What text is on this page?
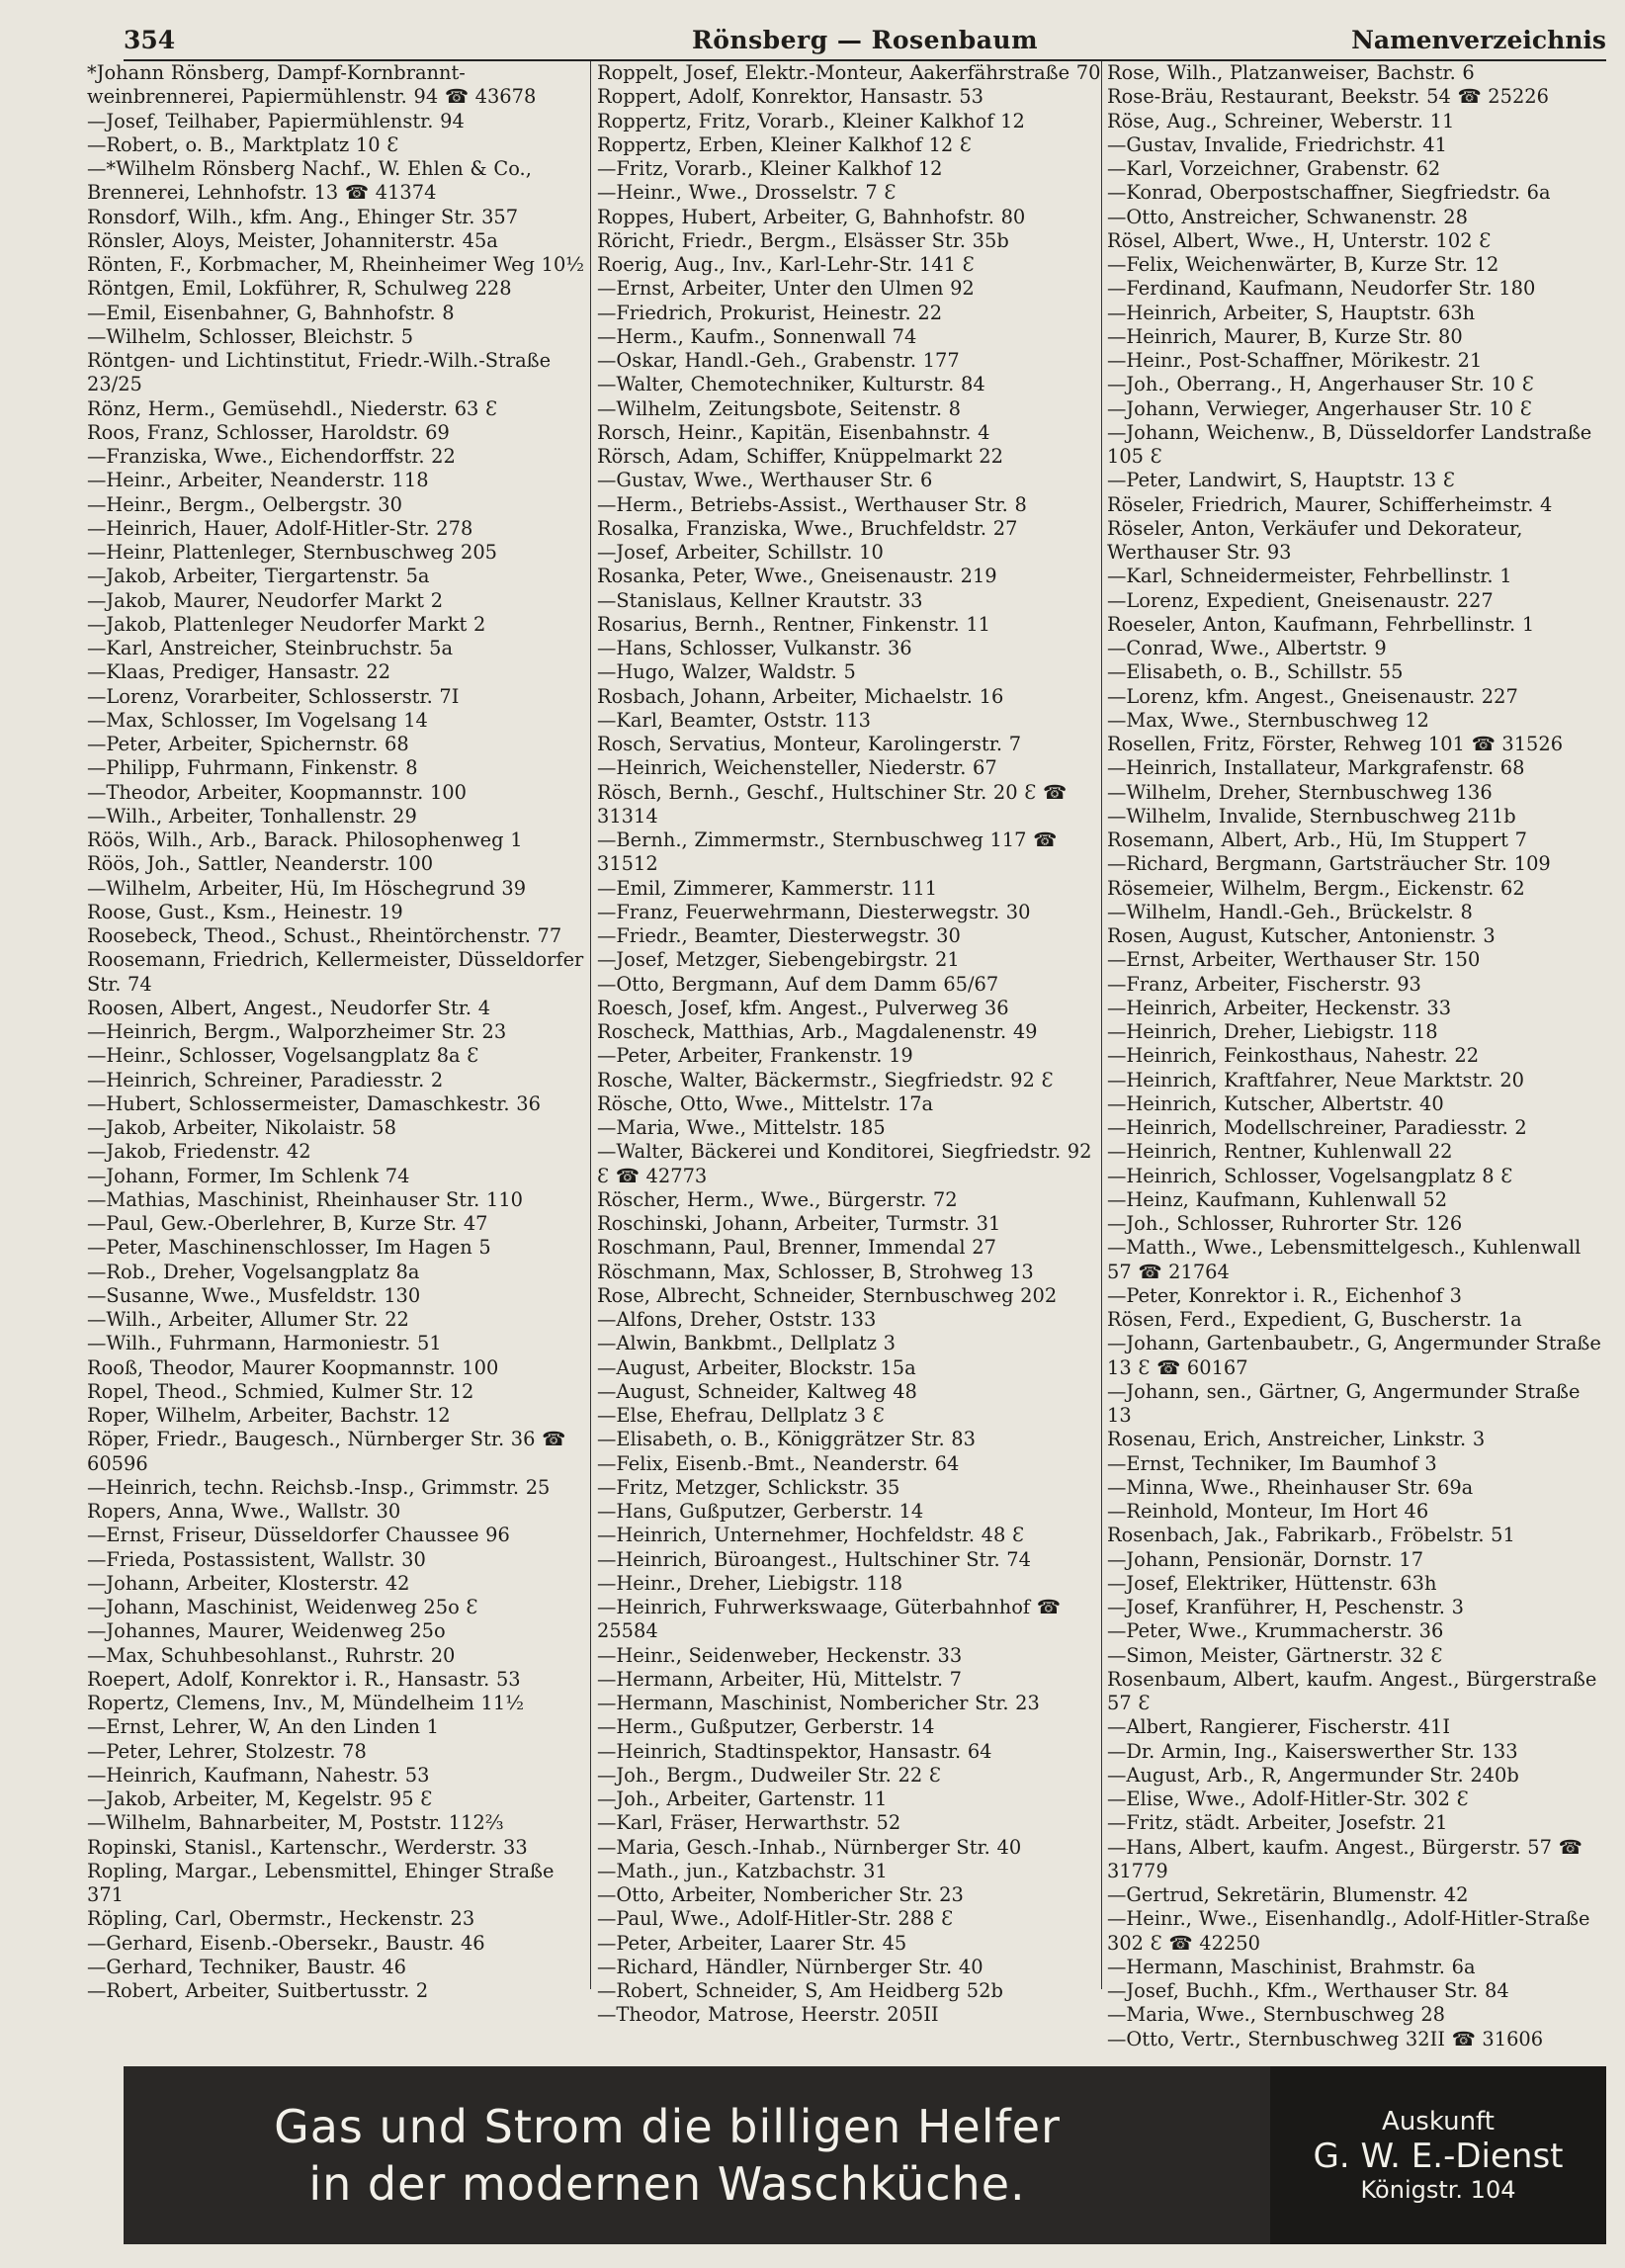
354	Rönsberg — Rosenbaum	Namenverzeichnis
*Johann Rönsberg, Dampf-Kornbrannt-weinbrennerei, Papiermühlenstr. 94 ☎ 43678
—Josef, Teilhaber, Papiermühlenstr. 94
—Robert, o. B., Marktplatz 10 Ɛ
—*Wilhelm Rönsberg Nachf., W. Ehlen & Co., Brennerei, Lehnhofstr. 13 ☎ 41374
Ronsdorf, Wilh., kfm. Ang., Ehinger Str. 357
Rönsler, Aloys, Meister, Johanniterstr. 45a
Rönten, F., Korbmacher, M, Rheinheimer Weg 10½
Röntgen, Emil, Lokführer, R, Schulweg 228
—Emil, Eisenbahner, G, Bahnhofstr. 8
—Wilhelm, Schlosser, Bleichstr. 5
Röntgen- und Lichtinstitut, Friedr.-Wilh.-Straße 23/25
Rönz, Herm., Gemüsehdl., Niederstr. 63 Ɛ
Roos, Franz, Schlosser, Haroldstr. 69
—Franziska, Wwe., Eichendorffstr. 22
—Heinr., Arbeiter, Neanderstr. 118
—Heinr., Bergm., Oelbergstr. 30
—Heinrich, Hauer, Adolf-Hitler-Str. 278
—Heinr, Plattenleger, Sternbuschweg 205
—Jakob, Arbeiter, Tiergartenstr. 5a
—Jakob, Maurer, Neudorfer Markt 2
—Jakob, Plattenleger Neudorfer Markt 2
—Karl, Anstreicher, Steinbruchstr. 5a
—Klaas, Prediger, Hansastr. 22
—Lorenz, Vorarbeiter, Schlosserstr. 7I
—Max, Schlosser, Im Vogelsang 14
—Peter, Arbeiter, Spichernstr. 68
—Philipp, Fuhrmann, Finkenstr. 8
—Theodor, Arbeiter, Koopmannstr. 100
—Wilh., Arbeiter, Tonhallenstr. 29
Röös, Wilh., Arb., Barack. Philosophenweg 1
Röös, Joh., Sattler, Neanderstr. 100
—Wilhelm, Arbeiter, Hü, Im Höschegrund 39
Roose, Gust., Ksm., Heinestr. 19
Roosebeck, Theod., Schust., Rheintörchenstr. 77
Roosemann, Friedrich, Kellermeister, Düsseldorfer Str. 74
Roosen, Albert, Angest., Neudorfer Str. 4
—Heinrich, Bergm., Walporzheimer Str. 23
—Heinr., Schlosser, Vogelsangplatz 8a Ɛ
—Heinrich, Schreiner, Paradiesstr. 2
—Hubert, Schlossermeister, Damaschkestr. 36
—Jakob, Arbeiter, Nikolaistr. 58
—Jakob, Friedenstr. 42
—Johann, Former, Im Schlenk 74
—Mathias, Maschinist, Rheinhauser Str. 110
—Paul, Gew.-Oberlehrer, B, Kurze Str. 47
—Peter, Maschinenschlosser, Im Hagen 5
—Rob., Dreher, Vogelsangplatz 8a
—Susanne, Wwe., Musfeldstr. 130
—Wilh., Arbeiter, Allumer Str. 22
—Wilh., Fuhrmann, Harmoniestr. 51
Rooß, Theodor, Maurer Koopmannstr. 100
Ropel, Theod., Schmied, Kulmer Str. 12
Roper, Wilhelm, Arbeiter, Bachstr. 12
Röper, Friedr., Baugesch., Nürnberger Str. 36 ☎ 60596
—Heinrich, techn. Reichsb.-Insp., Grimmstr. 25
Ropers, Anna, Wwe., Wallstr. 30
—Ernst, Friseur, Düsseldorfer Chaussee 96
—Frieda, Postassistent, Wallstr. 30
—Johann, Arbeiter, Klosterstr. 42
—Johann, Maschinist, Weidenweg 25o Ɛ
—Johannes, Maurer, Weidenweg 25o
—Max, Schuhbesohlanst., Ruhrstr. 20
Roepert, Adolf, Konrektor i. R., Hansastr. 53
Ropertz, Clemens, Inv., M, Mündelheim 11½
—Ernst, Lehrer, W, An den Linden 1
—Peter, Lehrer, Stolzestr. 78
—Heinrich, Kaufmann, Nahestr. 53
—Jakob, Arbeiter, M, Kegelstr. 95 Ɛ
—Wilhelm, Bahnarbeiter, M, Poststr. 112⅔
Ropinski, Stanisl., Kartenschr., Werderstr. 33
Ropling, Margar., Lebensmittel, Ehinger Straße 371
Röpling, Carl, Obermstr., Heckenstr. 23
—Gerhard, Eisenb.-Obersekr., Baustr. 46
—Gerhard, Techniker, Baustr. 46
—Robert, Arbeiter, Suitbertusstr. 2
Roppelt, Josef, Elektr.-Monteur, Aakerfährstraße 70
Roppert, Adolf, Konrektor, Hansastr. 53
Roppertz, Fritz, Vorarb., Kleiner Kalkhof 12
Roppertz, Erben, Kleiner Kalkhof 12 Ɛ
—Fritz, Vorarb., Kleiner Kalkhof 12
—Heinr., Wwe., Drosselstr. 7 Ɛ
Roppes, Hubert, Arbeiter, G, Bahnhofstr. 80
Röricht, Friedr., Bergm., Elsässer Str. 35b
Roerig, Aug., Inv., Karl-Lehr-Str. 141 Ɛ
—Ernst, Arbeiter, Unter den Ulmen 92
—Friedrich, Prokurist, Heinestr. 22
—Herm., Kaufm., Sonnenwall 74
—Oskar, Handl.-Geh., Grabenstr. 177
—Walter, Chemotechniker, Kulturstr. 84
—Wilhelm, Zeitungsbote, Seitenstr. 8
Rorsch, Heinr., Kapitän, Eisenbahnstr. 4
Rörsch, Adam, Schiffer, Knüppelmarkt 22
—Gustav, Wwe., Werthauser Str. 6
—Herm., Betriebs-Assist., Werthauser Str. 8
Rosalka, Franziska, Wwe., Bruchfeldstr. 27
—Josef, Arbeiter, Schillstr. 10
Rosanka, Peter, Wwe., Gneisenaustr. 219
—Stanislaus, Kellner Krautstr. 33
Rosarius, Bernh., Rentner, Finkenstr. 11
—Hans, Schlosser, Vulkanstr. 36
—Hugo, Walzer, Waldstr. 5
Rosbach, Johann, Arbeiter, Michaelstr. 16
—Karl, Beamter, Oststr. 113
Rosch, Servatius, Monteur, Karolingerstr. 7
—Heinrich, Weichensteller, Niederstr. 67
Rösch, Bernh., Geschf., Hultschiner Str. 20 Ɛ ☎ 31314
—Bernh., Zimmermstr., Sternbuschweg 117 ☎ 31512
—Emil, Zimmerer, Kammerstr. 111
—Franz, Feuerwehrmann, Diesterwegstr. 30
—Friedr., Beamter, Diesterwegstr. 30
—Josef, Metzger, Siebengebirgstr. 21
—Otto, Bergmann, Auf dem Damm 65/67
Roesch, Josef, kfm. Angest., Pulverweg 36
Roscheck, Matthias, Arb., Magdalenenstr. 49
—Peter, Arbeiter, Frankenstr. 19
Rosche, Walter, Bäckermstr., Siegfriedstr. 92 Ɛ
Rösche, Otto, Wwe., Mittelstr. 17a
—Maria, Wwe., Mittelstr. 185
—Walter, Bäckerei und Konditorei, Siegfriedstr. 92 Ɛ ☎ 42773
Röscher, Herm., Wwe., Bürgerstr. 72
Roschinski, Johann, Arbeiter, Turmstr. 31
Roschmann, Paul, Brenner, Immendal 27
Röschmann, Max, Schlosser, B, Strohweg 13
Rose, Albrecht, Schneider, Sternbuschweg 202
—Alfons, Dreher, Oststr. 133
—Alwin, Bankbmt., Dellplatz 3
—August, Arbeiter, Blockstr. 15a
—August, Schneider, Kaltweg 48
—Else, Ehefrau, Dellplatz 3 Ɛ
—Elisabeth, o. B., Königgrätzer Str. 83
—Felix, Eisenb.-Bmt., Neanderstr. 64
—Fritz, Metzger, Schlickstr. 35
—Hans, Gußputzer, Gerberstr. 14
—Heinrich, Unternehmer, Hochfeldstr. 48 Ɛ
—Heinrich, Büroangest., Hultschiner Str. 74
—Heinr., Dreher, Liebigstr. 118
—Heinrich, Fuhrwerkswaage, Güterbahnhof ☎ 25584
—Heinr., Seidenweber, Heckenstr. 33
—Hermann, Arbeiter, Hü, Mittelstr. 7
—Hermann, Maschinist, Nombericher Str. 23
—Herm., Gußputzer, Gerberstr. 14
—Heinrich, Stadtinspektor, Hansastr. 64
—Joh., Bergm., Dudweiler Str. 22 Ɛ
—Joh., Arbeiter, Gartenstr. 11
—Karl, Fräser, Herwarthstr. 52
—Maria, Gesch.-Inhab., Nürnberger Str. 40
—Math., jun., Katzbachstr. 31
—Otto, Arbeiter, Nombericher Str. 23
—Paul, Wwe., Adolf-Hitler-Str. 288 Ɛ
—Peter, Arbeiter, Laarer Str. 45
—Richard, Händler, Nürnberger Str. 40
—Robert, Schneider, S, Am Heidberg 52b
—Theodor, Matrose, Heerstr. 205II
Rose, Wilh., Platzanweiser, Bachstr. 6
Rose-Bräu, Restaurant, Beekstr. 54 ☎ 25226
Röse, Aug., Schreiner, Weberstr. 11
—Gustav, Invalide, Friedrichstr. 41
—Karl, Vorzeichner, Grabenstr. 62
—Konrad, Oberpostschaffner, Siegfriedstr. 6a
—Otto, Anstreicher, Schwanenstr. 28
Rösel, Albert, Wwe., H, Unterstr. 102 Ɛ
—Felix, Weichenwärter, B, Kurze Str. 12
—Ferdinand, Kaufmann, Neudorfer Str. 180
—Heinrich, Arbeiter, S, Hauptstr. 63h
—Heinrich, Maurer, B, Kurze Str. 80
—Heinr., Post-Schaffner, Mörikestr. 21
—Joh., Oberrang., H, Angerhauser Str. 10 Ɛ
—Johann, Verwieger, Angerhauser Str. 10 Ɛ
—Johann, Weichenw., B, Düsseldorfer Landstraße 105 Ɛ
—Peter, Landwirt, S, Hauptstr. 13 Ɛ
Röseler, Friedrich, Maurer, Schifferheimstr. 4
Röseler, Anton, Verkäufer und Dekorateur, Werthauser Str. 93
—Karl, Schneidermeister, Fehrbellinstr. 1
—Lorenz, Expedient, Gneisenaustr. 227
Roeseler, Anton, Kaufmann, Fehrbellinstr. 1
—Conrad, Wwe., Albertstr. 9
—Elisabeth, o. B., Schillstr. 55
—Lorenz, kfm. Angest., Gneisenaustr. 227
—Max, Wwe., Sternbuschweg 12
Rosellen, Fritz, Förster, Rehweg 101 ☎ 31526
—Heinrich, Installateur, Markgrafenstr. 68
—Wilhelm, Dreher, Sternbuschweg 136
—Wilhelm, Invalide, Sternbuschweg 211b
Rosemann, Albert, Arb., Hü, Im Stuppert 7
—Richard, Bergmann, Gartsträucher Str. 109
Rösemeier, Wilhelm, Bergm., Eickenstr. 62
—Wilhelm, Handl.-Geh., Brückelstr. 8
Rosen, August, Kutscher, Antonienstr. 3
—Ernst, Arbeiter, Werthauser Str. 150
—Franz, Arbeiter, Fischerstr. 93
—Heinrich, Arbeiter, Heckenstr. 33
—Heinrich, Dreher, Liebigstr. 118
—Heinrich, Feinkosthaus, Nahestr. 22
—Heinrich, Kraftfahrer, Neue Marktstr. 20
—Heinrich, Kutscher, Albertstr. 40
—Heinrich, Modellschreiner, Paradiesstr. 2
—Heinrich, Rentner, Kuhlenwall 22
—Heinrich, Schlosser, Vogelsangplatz 8 Ɛ
—Heinz, Kaufmann, Kuhlenwall 52
—Joh., Schlosser, Ruhrorter Str. 126
—Matth., Wwe., Lebensmittelgesch., Kuhlenwall 57 ☎ 21764
—Peter, Konrektor i. R., Eichenhof 3
Rösen, Ferd., Expedient, G, Buscherstr. 1a
—Johann, Gartenbaubetr., G, Angermunder Straße 13 Ɛ ☎ 60167
—Johann, sen., Gärtner, G, Angermunder Straße 13
Rosenau, Erich, Anstreicher, Linkstr. 3
—Ernst, Techniker, Im Baumhof 3
—Minna, Wwe., Rheinhauser Str. 69a
—Reinhold, Monteur, Im Hort 46
Rosenbach, Jak., Fabrikarb., Fröbelstr. 51
—Johann, Pensionär, Dornstr. 17
—Josef, Elektriker, Hüttenstr. 63h
—Josef, Kranführer, H, Peschenstr. 3
—Peter, Wwe., Krummacherstr. 36
—Simon, Meister, Gärtnerstr. 32 Ɛ
Rosenbaum, Albert, kaufm. Angest., Bürgerstraße 57 Ɛ
—Albert, Rangierer, Fischerstr. 41I
—Dr. Armin, Ing., Kaiserswerther Str. 133
—August, Arb., R, Angermunder Str. 240b
—Elise, Wwe., Adolf-Hitler-Str. 302 Ɛ
—Fritz, städt. Arbeiter, Josefstr. 21
—Hans, Albert, kaufm. Angest., Bürgerstr. 57 ☎ 31779
—Gertrud, Sekretärin, Blumenstr. 42
—Heinr., Wwe., Eisenhandlg., Adolf-Hitler-Straße 302 Ɛ ☎ 42250
—Hermann, Maschinist, Brahmstr. 6a
—Josef, Buchh., Kfm., Werthauser Str. 84
—Maria, Wwe., Sternbuschweg 28
—Otto, Vertr., Sternbuschweg 32II ☎ 31606
Gas und Strom die billigen Helfer
in der modernen Waschküche.
Auskunft
G. W. E.-Dienst
Königstr. 104
